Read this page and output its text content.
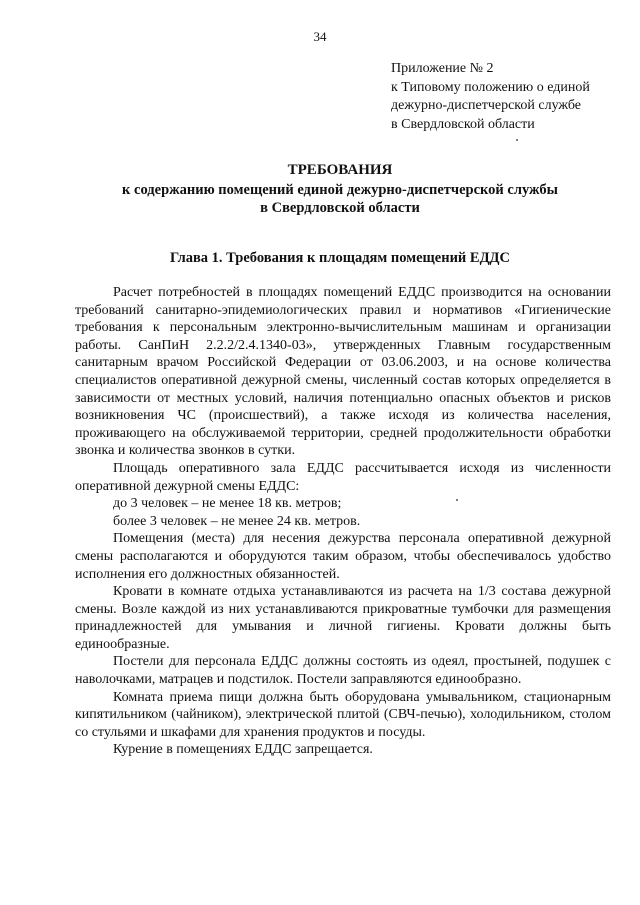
34
Приложение № 2
к Типовому положению о единой
дежурно-диспетчерской службе
в Свердловской области
ТРЕБОВАНИЯ
к содержанию помещений единой дежурно-диспетчерской службы
в Свердловской области
Глава 1. Требования к площадям помещений ЕДДС

Расчет потребностей в площадях помещений ЕДДС производится на основании требований санитарно-эпидемиологических правил и нормативов «Гигиенические требования к персональным электронно-вычислительным машинам и организации работы. СанПиН 2.2.2/2.4.1340-03», утвержденных Главным государственным санитарным врачом Российской Федерации от 03.06.2003, и на основе количества специалистов оперативной дежурной смены, численный состав которых определяется в зависимости от местных условий, наличия потенциально опасных объектов и рисков возникновения ЧС (происшествий), а также исходя из количества населения, проживающего на обслуживаемой территории, средней продолжительности обработки звонка и количества звонков в сутки.

Площадь оперативного зала ЕДДС рассчитывается исходя из численности оперативной дежурной смены ЕДДС:

до 3 человек – не менее 18 кв. метров;

более 3 человек – не менее 24 кв. метров.

Помещения (места) для несения дежурства персонала оперативной дежурной смены располагаются и оборудуются таким образом, чтобы обеспечивалось удобство исполнения его должностных обязанностей.

Кровати в комнате отдыха устанавливаются из расчета на 1/3 состава дежурной смены. Возле каждой из них устанавливаются прикроватные тумбочки для размещения принадлежностей для умывания и личной гигиены. Кровати должны быть единообразные.

Постели для персонала ЕДДС должны состоять из одеял, простыней, подушек с наволочками, матрацев и подстилок. Постели заправляются единообразно.

Комната приема пищи должна быть оборудована умывальником, стационарным кипятильником (чайником), электрической плитой (СВЧ-печью), холодильником, столом со стульями и шкафами для хранения продуктов и посуды.

Курение в помещениях ЕДДС запрещается.
